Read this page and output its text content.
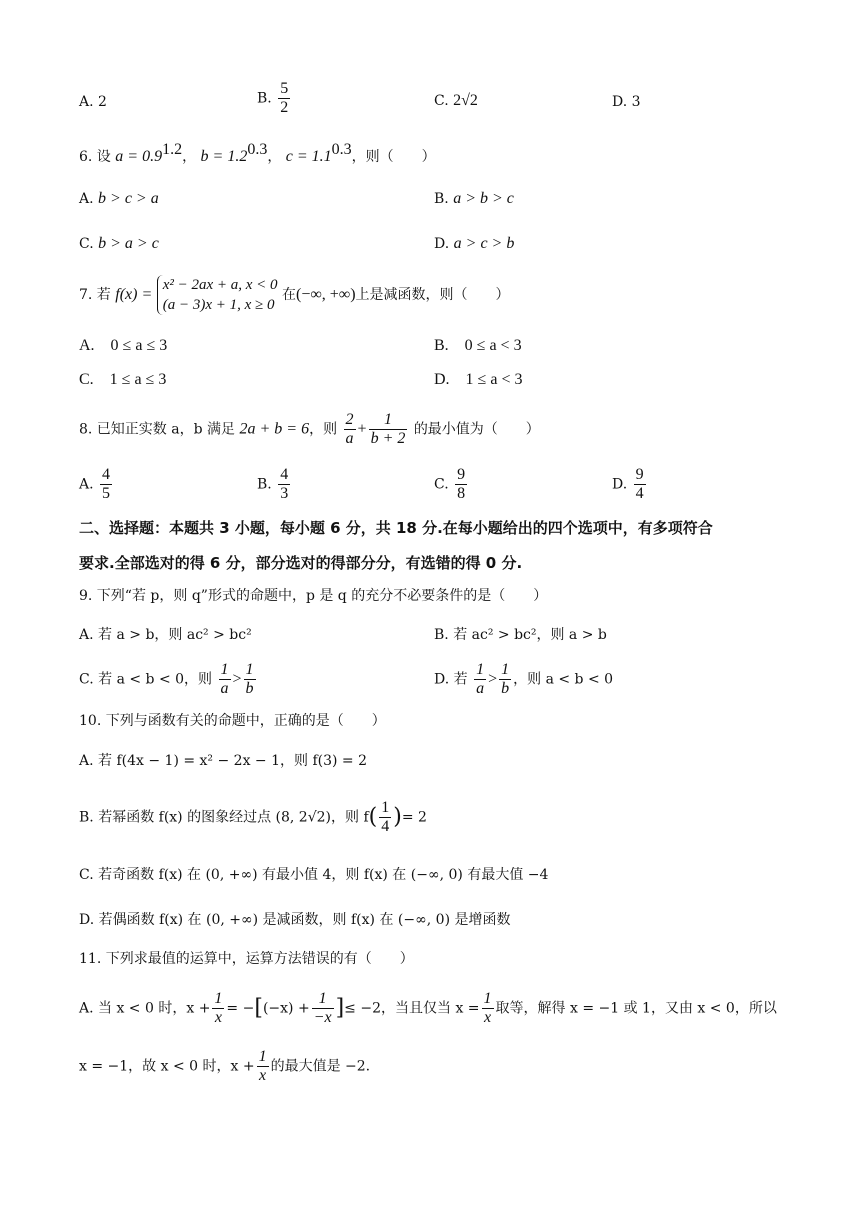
A. 2	B. $\frac{5}{2}$	C. 2√2	D. 3
6. 设 $a = 0.9^{1.2}$， $b = 1.2^{0.3}$， $c = 1.1^{0.3}$，则（　　）
A. b > c > a	B. a > b > c
C. b > a > c	D. a > c > b
7. 若 f(x) =
x² − 2ax + a, x < 0
(a − 3)x + 1, x ≥ 0
在(−∞, +∞)上是减函数，则（　　）
A.　0 ≤ a ≤ 3	B.　0 ≤ a < 3
C.　1 ≤ a ≤ 3	D.　1 ≤ a < 3
8. 已知正实数 a，b 满足 2a + b = 6，则 $\frac{2}{a} + \frac{1}{b + 2}$ 的最小值为（　　）
A. $\frac{4}{5}$	B. $\frac{4}{3}$	C. $\frac{9}{8}$	D. $\frac{9}{4}$
二、选择题：本题共 3 小题，每小题 6 分，共 18 分.在每小题给出的四个选项中，有多项符合
要求.全部选对的得 6 分，部分选对的得部分分，有选错的得 0 分.
9. 下列“若 p，则 q”形式的命题中，p 是 q 的充分不必要条件的是（　　）
A. 若 a > b，则 ac² > bc²	B. 若 ac² > bc²，则 a > b
C. 若 a < b < 0，则 $\frac{1}{a} > \frac{1}{b}$	D. 若 $\frac{1}{a} > \frac{1}{b}$ ，则 a < b < 0
10. 下列与函数有关的命题中，正确的是（　　）
A. 若 f(4x − 1) = x² − 2x − 1，则 f(3) = 2
B. 若幂函数 f(x) 的图象经过点 (8, 2√2)，则 $f( \frac{1}{4}$ )= 2
C. 若奇函数 f(x) 在 (0, +∞) 有最小值 4，则 f(x) 在 (−∞, 0) 有最大值 −4
D. 若偶函数 f(x) 在 (0, +∞) 是减函数，则 f(x) 在 (−∞, 0) 是增函数
11. 下列求最值的运算中，运算方法错误的有（　　）
A. 当 x < 0 时，$x + \frac{1}{x} = -[(-x) + \frac{1}{-x}$ ]≤ −2，当且仅当 $x = \frac{1}{x}$ 取等，解得 x = −1 或 1，又由 x < 0，所以
x = −1，故 x < 0 时，$x + \frac{1}{x}$ 的最大值是 −2.
